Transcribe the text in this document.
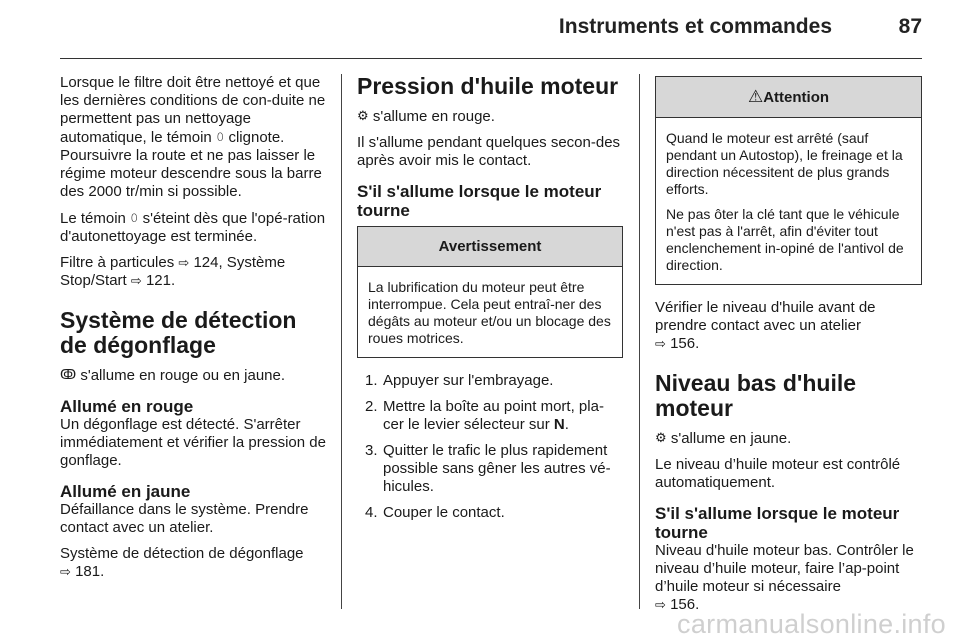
Instruments et commandes	87

Lorsque le filtre doit être nettoyé et que les dernières conditions de con‐duite ne permettent pas un nettoyage automatique, le témoin 𝟶 clignote. Poursuivre la route et ne pas laisser le régime moteur descendre sous la barre des 2000 tr/min si possible.

Le témoin 𝟶 s'éteint dès que l'opé‐ration d'autonettoyage est terminée.

Filtre à particules ⇨ 124, Système Stop/Start ⇨ 121.

Système de détection de dégonflage

ↂ s'allume en rouge ou en jaune.

Allumé en rouge

Un dégonflage est détecté. S'arrêter immédiatement et vérifier la pression de gonflage.

Allumé en jaune

Défaillance dans le système. Prendre contact avec un atelier.

Système de détection de dégonflage
⇨ 181.

Pression d'huile moteur

⚙ s'allume en rouge.

Il s'allume pendant quelques secon‐des après avoir mis le contact.

S'il s'allume lorsque le moteur tourne
Avertissement

La lubrification du moteur peut être interrompue. Cela peut entraî‐ner des dégâts au moteur et/ou un blocage des roues motrices.

1. Appuyer sur l'embrayage.
2. Mettre la boîte au point mort, pla‐cer le levier sélecteur sur N.
3. Quitter le trafic le plus rapidement possible sans gêner les autres vé‐hicules.
4. Couper le contact.
⚠Attention

Quand le moteur est arrêté (sauf pendant un Autostop), le freinage et la direction nécessitent de plus grands efforts.

Ne pas ôter la clé tant que le véhicule n'est pas à l'arrêt, afin d'éviter tout enclenchement in‐opiné de l'antivol de direction.

Vérifier le niveau d'huile avant de prendre contact avec un atelier
⇨ 156.

Niveau bas d'huile moteur

⚙ s'allume en jaune.

Le niveau d’huile moteur est contrôlé automatiquement.

S'il s'allume lorsque le moteur tourne

Niveau d'huile moteur bas. Contrôler le niveau d’huile moteur, faire l’ap‐point d’huile moteur si nécessaire
⇨ 156.

carmanualsonline.info
